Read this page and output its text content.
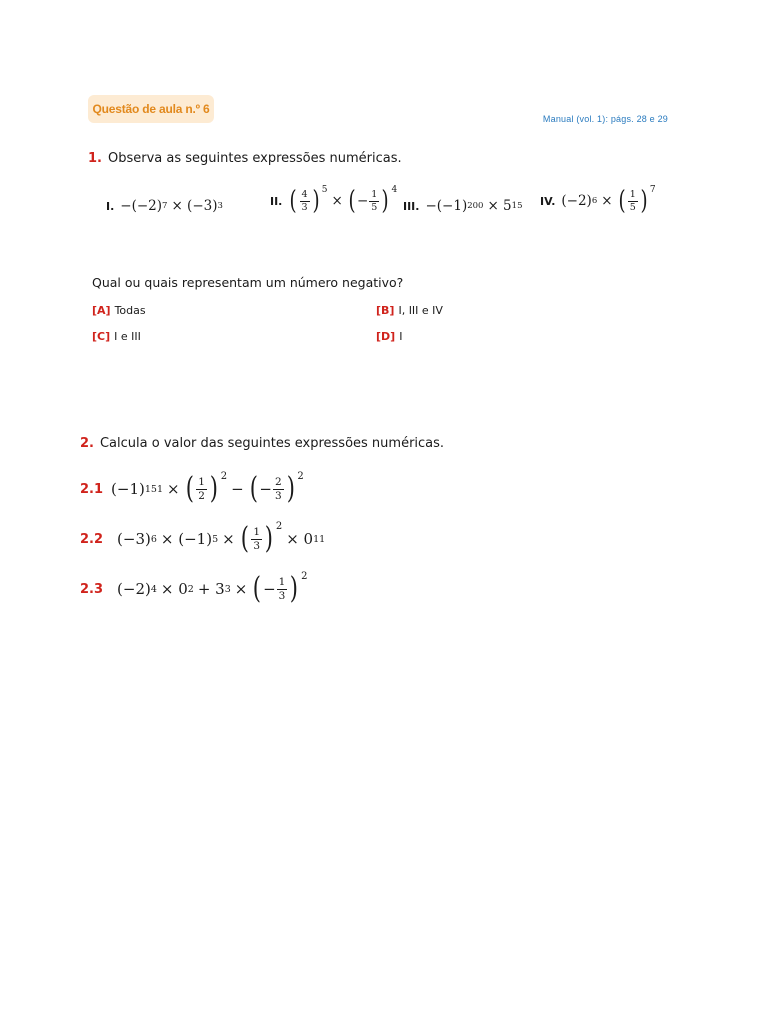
Questão de aula n.º 6
Manual (vol. 1): págs. 28 e 29
1. Observa as seguintes expressões numéricas.
I. −(−2) 7 × (−3) 3	II. ( $\frac{4}{3}$ ) 5
× ( − $\frac{1}{5}$ ) 4
III. −(−1) 200 × 5 15 IV. (−2) 6 × ( $\frac{1}{5}$ ) 7
Qual ou quais representam um número negativo?
[A] Todas	[B] I, III e IV
[C] I e III	[D] I
2. Calcula o valor das seguintes expressões numéricas.
2.1 (−1) 151 × ( $\frac{1}{2}$ ) 2
− ( − $\frac{2}{3}$ ) 2
2.2 (−3) 6 × (−1) 5 × ( $\frac{1}{3}$ ) 2
× 0 11
2.3 (−2) 4 × 0 2 + 3 3 × ( − $\frac{1}{3}$ ) 2
